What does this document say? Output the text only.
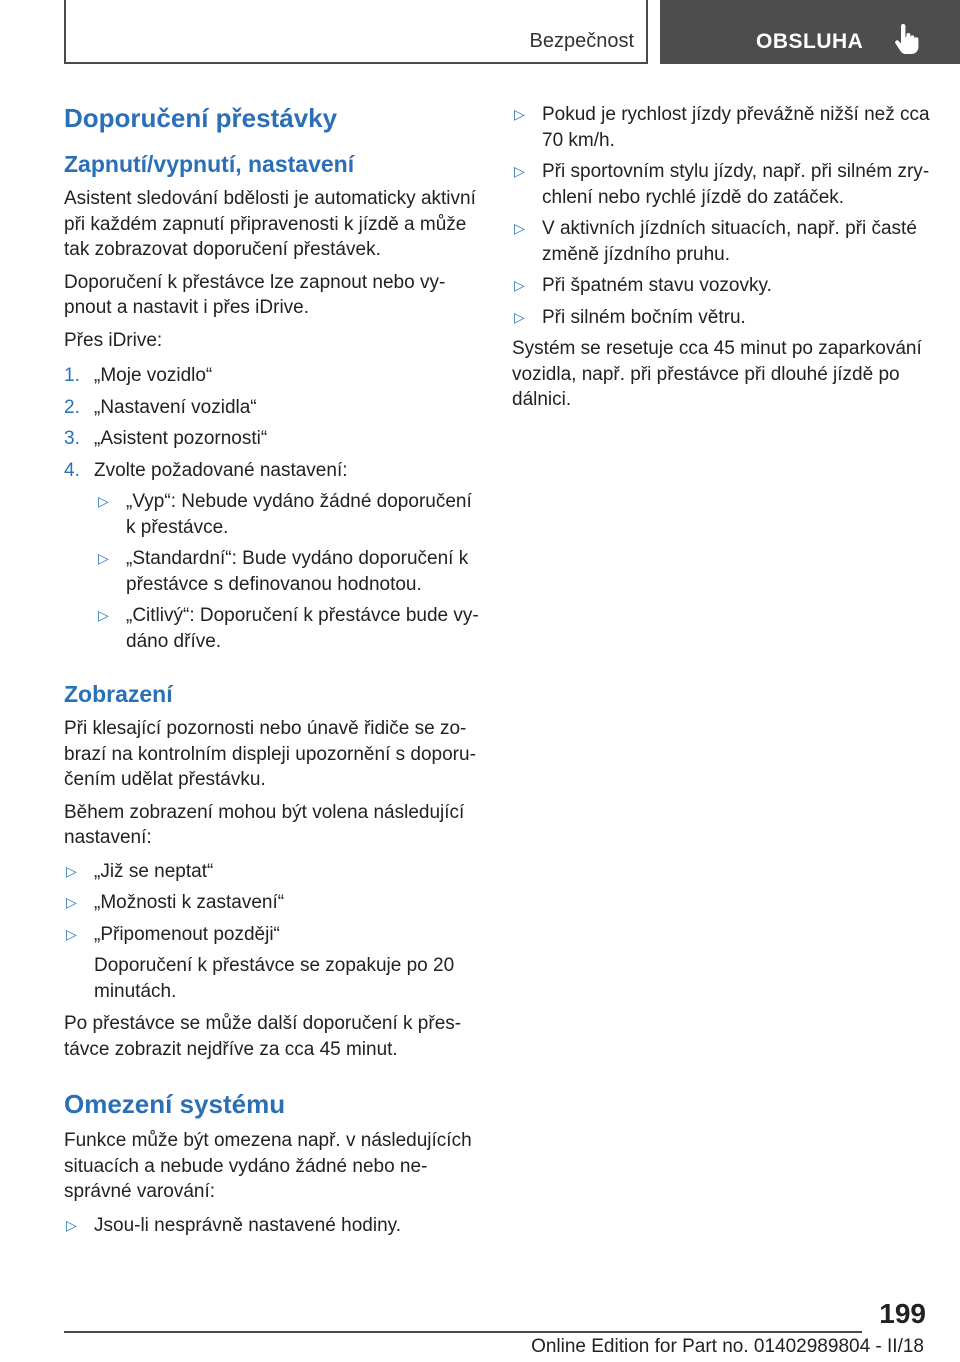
Bezpečnost	OBSLUHA
Doporučení přestávky
Zapnutí/vypnutí, nastavení

Asistent sledování bdělosti je automaticky aktivní při každém zapnutí připravenosti k jízdě a může tak zobrazovat doporučení přestávek.

Doporučení k přestávce lze zapnout nebo vypnout a nastavit i přes iDrive.

Přes iDrive:

1. „Moje vozidlo“
2. „Nastavení vozidla“
3. „Asistent pozornosti“
4. Zvolte požadované nastavení:
▷ „Vyp“: Nebude vydáno žádné doporučení k přestávce.
▷ „Standardní“: Bude vydáno doporučení k přestávce s definovanou hodnotou.
▷ „Citlivý“: Doporučení k přestávce bude vydáno dříve.
Zobrazení

Při klesající pozornosti nebo únavě řidiče se zobrazí na kontrolním displeji upozornění s doporučením udělat přestávku.

Během zobrazení mohou být volena následující nastavení:

▷ „Již se neptat“
▷ „Možnosti k zastavení“
▷ „Připomenout později“

Doporučení k přestávce se zopakuje po 20 minutách.

Po přestávce se může další doporučení k přestávce zobrazit nejdříve za cca 45 minut.

Omezení systému

Funkce může být omezena např. v následujících situacích a nebude vydáno žádné nebo nesprávné varování:

▷ Jsou-li nesprávně nastavené hodiny.
▷ Pokud je rychlost jízdy převážně nižší než cca 70 km/h.
▷ Při sportovním stylu jízdy, např. při silném zrychlení nebo rychlé jízdě do zatáček.
▷ V aktivních jízdních situacích, např. při časté změně jízdního pruhu.
▷ Při špatném stavu vozovky.
▷ Při silném bočním větru.

Systém se resetuje cca 45 minut po zaparkování vozidla, např. při přestávce při dlouhé jízdě po dálnici.

199
Online Edition for Part no. 01402989804 - II/18
